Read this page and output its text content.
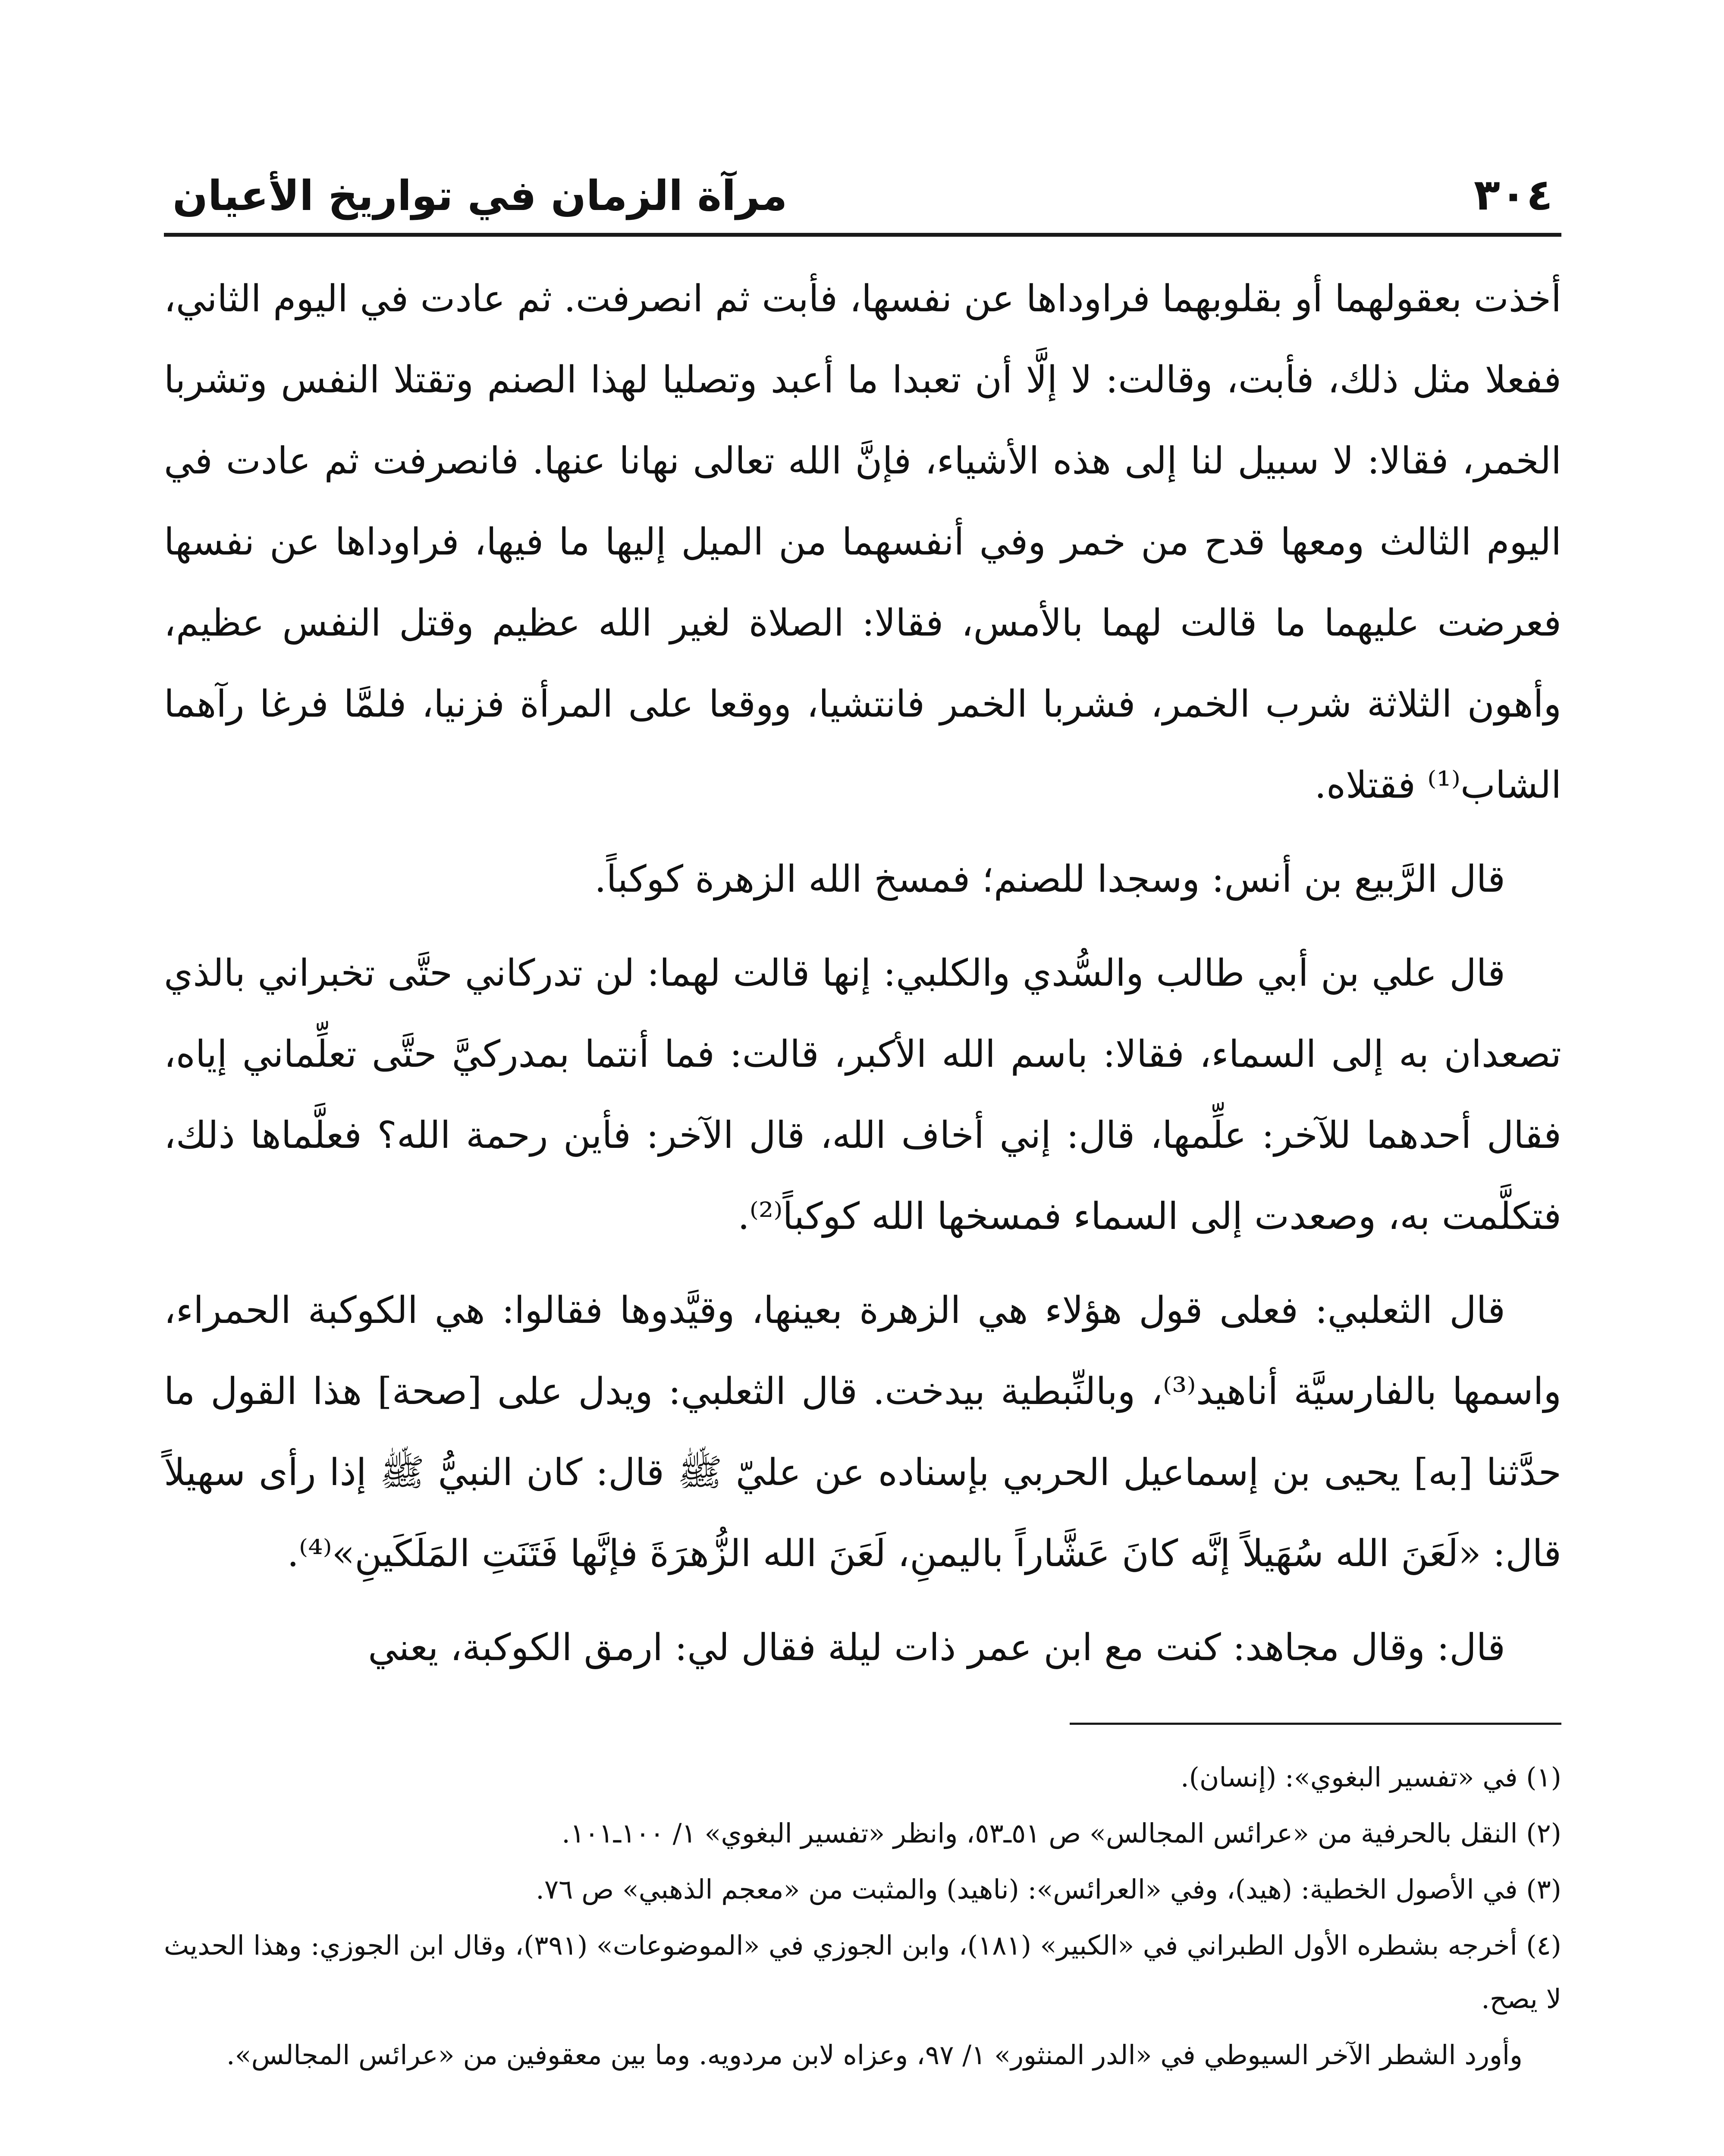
٣٠٤
مرآة الزمان في تواريخ الأعيان

أخذت بعقولهما أو بقلوبهما فراوداها عن نفسها، فأبت ثم انصرفت. ثم عادت في اليوم الثاني، ففعلا مثل ذلك، فأبت، وقالت: لا إلَّا أن تعبدا ما أعبد وتصليا لهذا الصنم وتقتلا النفس وتشربا الخمر، فقالا: لا سبيل لنا إلى هذه الأشياء، فإنَّ الله تعالى نهانا عنها. فانصرفت ثم عادت في اليوم الثالث ومعها قدح من خمر وفي أنفسهما من الميل إليها ما فيها، فراوداها عن نفسها فعرضت عليهما ما قالت لهما بالأمس، فقالا: الصلاة لغير الله عظيم وقتل النفس عظيم، وأهون الثلاثة شرب الخمر، فشربا الخمر فانتشيا، ووقعا على المرأة فزنيا، فلمَّا فرغا رآهما الشاب⁽¹⁾ فقتلاه.

قال الرَّبيع بن أنس: وسجدا للصنم؛ فمسخ الله الزهرة كوكباً.

قال علي بن أبي طالب والسُّدي والكلبي: إنها قالت لهما: لن تدركاني حتَّى تخبراني بالذي تصعدان به إلى السماء، فقالا: باسم الله الأكبر، قالت: فما أنتما بمدركيَّ حتَّى تعلِّماني إياه، فقال أحدهما للآخر: علِّمها، قال: إني أخاف الله، قال الآخر: فأين رحمة الله؟ فعلَّماها ذلك، فتكلَّمت به، وصعدت إلى السماء فمسخها الله كوكباً⁽²⁾.

قال الثعلبي: فعلى قول هؤلاء هي الزهرة بعينها، وقيَّدوها فقالوا: هي الكوكبة الحمراء، واسمها بالفارسيَّة أناهيد⁽³⁾، وبالنِّبطية بيدخت. قال الثعلبي: ويدل على [صحة] هذا القول ما حدَّثنا [به] يحيى بن إسماعيل الحربي بإسناده عن عليّ ﷺ قال: كان النبيُّ ﷺ إذا رأى سهيلاً قال: «لَعَنَ الله سُهَيلاً إنَّه كانَ عَشَّاراً باليمنِ، لَعَنَ الله الزُّهرَةَ فإنَّها فَتَنَتِ المَلَكَينِ»⁽⁴⁾.

قال: وقال مجاهد: كنت مع ابن عمر ذات ليلة فقال لي: ارمق الكوكبة، يعني

(١) في «تفسير البغوي»: (إنسان).

(٢) النقل بالحرفية من «عرائس المجالس» ص ٥١ـ٥٣، وانظر «تفسير البغوي» ١/ ١٠٠ـ١٠١.

(٣) في الأصول الخطية: (هيد)، وفي «العرائس»: (ناهيد) والمثبت من «معجم الذهبي» ص ٧٦.

(٤) أخرجه بشطره الأول الطبراني في «الكبير» (١٨١)، وابن الجوزي في «الموضوعات» (٣٩١)، وقال ابن الجوزي: وهذا الحديث لا يصح.

وأورد الشطر الآخر السيوطي في «الدر المنثور» ١/ ٩٧، وعزاه لابن مردويه. وما بين معقوفين من «عرائس المجالس».
